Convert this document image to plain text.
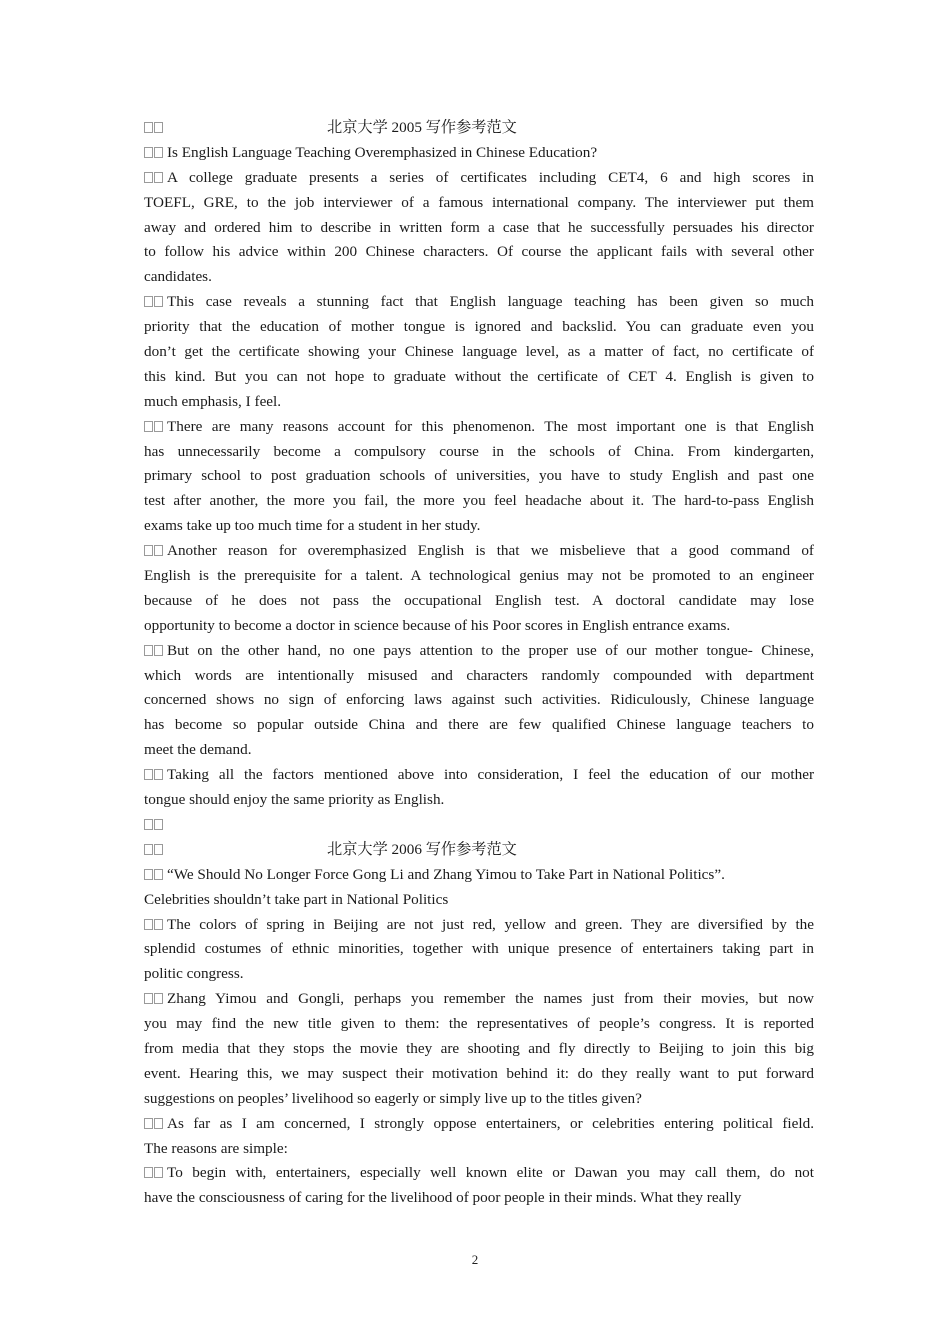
北京大学 2005 写作参考范文
Is English Language Teaching Overemphasized in Chinese Education?
A college graduate presents a series of certificates including CET4, 6 and high scores in
TOEFL, GRE, to the job interviewer of a famous international company. The interviewer put them
away and ordered him to describe in written form a case that he successfully persuades his director
to follow his advice within 200 Chinese characters. Of course the applicant fails with several other
candidates.
This case reveals a stunning fact that English language teaching has been given so much
priority that the education of mother tongue is ignored and backslid. You can graduate even you
don’t get the certificate showing your Chinese language level, as a matter of fact, no certificate of
this kind. But you can not hope to graduate without the certificate of CET 4. English is given to
much emphasis, I feel.
There are many reasons account for this phenomenon. The most important one is that English
has unnecessarily become a compulsory course in the schools of China. From kindergarten,
primary school to post graduation schools of universities, you have to study English and past one
test after another, the more you fail, the more you feel headache about it. The hard-to-pass English
exams take up too much time for a student in her study.
Another reason for overemphasized English is that we misbelieve that a good command of
English is the prerequisite for a talent. A technological genius may not be promoted to an engineer
because of he does not pass the occupational English test. A doctoral candidate may lose
opportunity to become a doctor in science because of his Poor scores in English entrance exams.
But on the other hand, no one pays attention to the proper use of our mother tongue- Chinese,
which words are intentionally misused and characters randomly compounded with department
concerned shows no sign of enforcing laws against such activities. Ridiculously, Chinese language
has become so popular outside China and there are few qualified Chinese language teachers to
meet the demand.
Taking all the factors mentioned above into consideration, I feel the education of our mother
tongue should enjoy the same priority as English.
北京大学 2006 写作参考范文
“We Should No Longer Force Gong Li and Zhang Yimou to Take Part in National Politics”.
Celebrities shouldn’t take part in National Politics
The colors of spring in Beijing are not just red, yellow and green. They are diversified by the
splendid costumes of ethnic minorities, together with unique presence of entertainers taking part in
politic congress.
Zhang Yimou and Gongli, perhaps you remember the names just from their movies, but now
you may find the new title given to them: the representatives of people’s congress. It is reported
from media that they stops the movie they are shooting and fly directly to Beijing to join this big
event. Hearing this, we may suspect their motivation behind it: do they really want to put forward
suggestions on peoples’ livelihood so eagerly or simply live up to the titles given?
As far as I am concerned, I strongly oppose entertainers, or celebrities entering political field.
The reasons are simple:
To begin with, entertainers, especially well known elite or Dawan you may call them, do not
have the consciousness of caring for the livelihood of poor people in their minds. What they really
2
